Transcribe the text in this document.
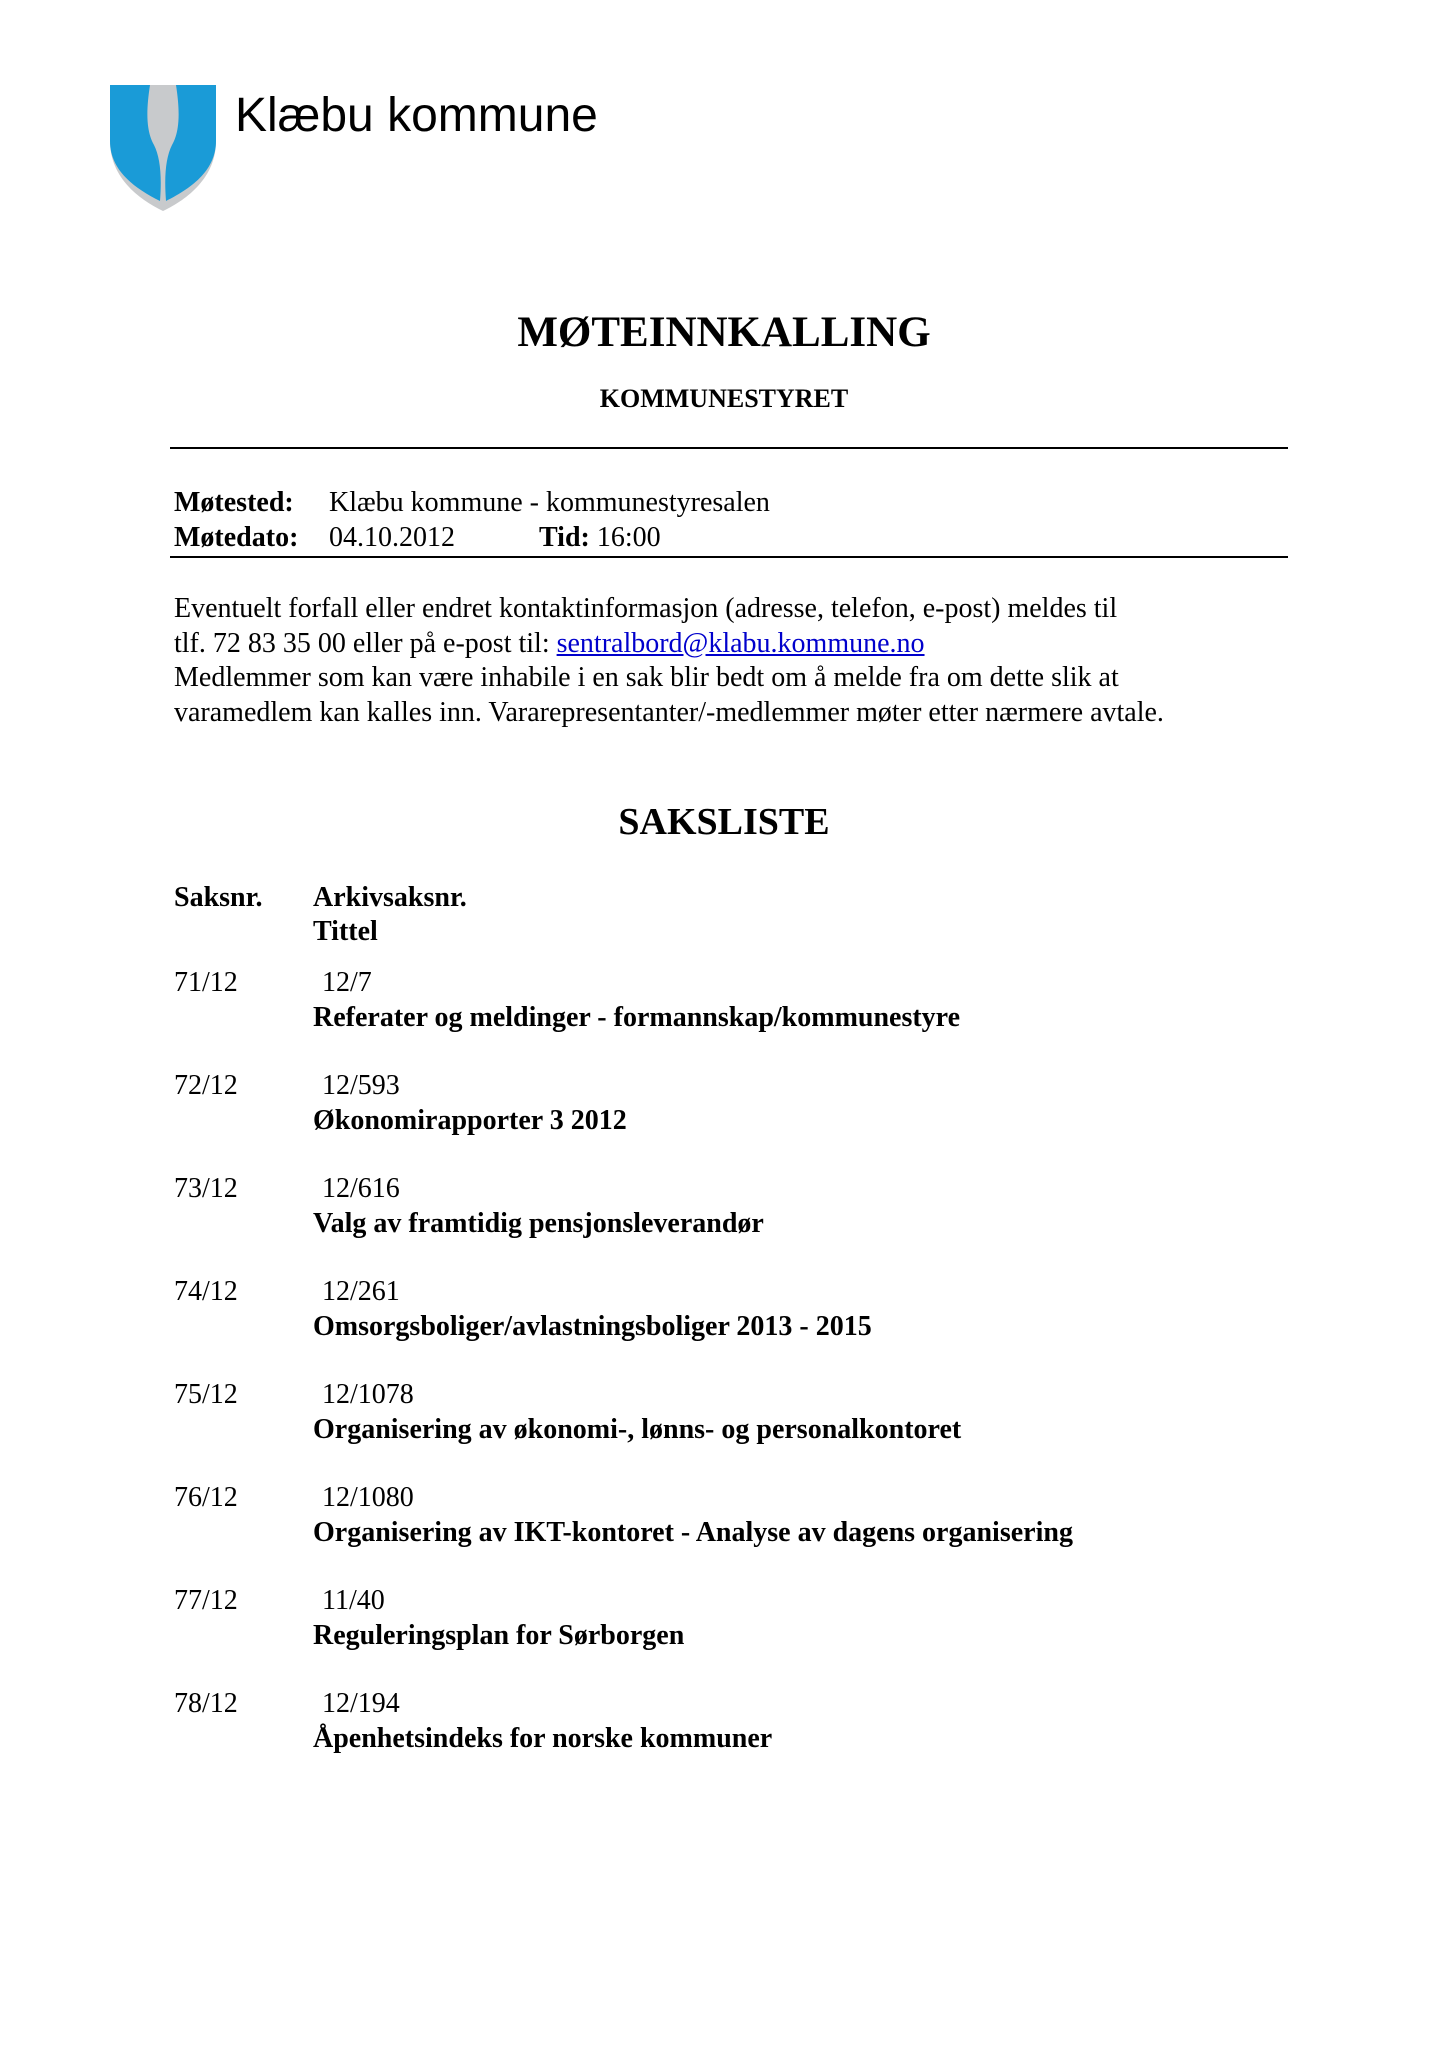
Klæbu kommune
MØTEINNKALLING
KOMMUNESTYRET
Møtested: Klæbu kommune - kommunestyresalen
Møtedato: 04.10.2012	Tid: 16:00
Eventuelt forfall eller endret kontaktinformasjon (adresse, telefon, e-post) meldes til
tlf. 72 83 35 00 eller på e-post til: sentralbord@klabu.kommune.no
Medlemmer som kan være inhabile i en sak blir bedt om å melde fra om dette slik at
varamedlem kan kalles inn. Vararepresentanter/-medlemmer møter etter nærmere avtale.
SAKSLISTE
Saksnr. Arkivsaksnr.
Tittel
71/12	12/7
Referater og meldinger - formannskap/kommunestyre
72/12	12/593
Økonomirapporter 3 2012
73/12	12/616
Valg av framtidig pensjonsleverandør
74/12	12/261
Omsorgsboliger/avlastningsboliger 2013 - 2015
75/12	12/1078
Organisering av økonomi-, lønns- og personalkontoret
76/12	12/1080
Organisering av IKT-kontoret - Analyse av dagens organisering
77/12	11/40
Reguleringsplan for Sørborgen
78/12	12/194
Åpenhetsindeks for norske kommuner
